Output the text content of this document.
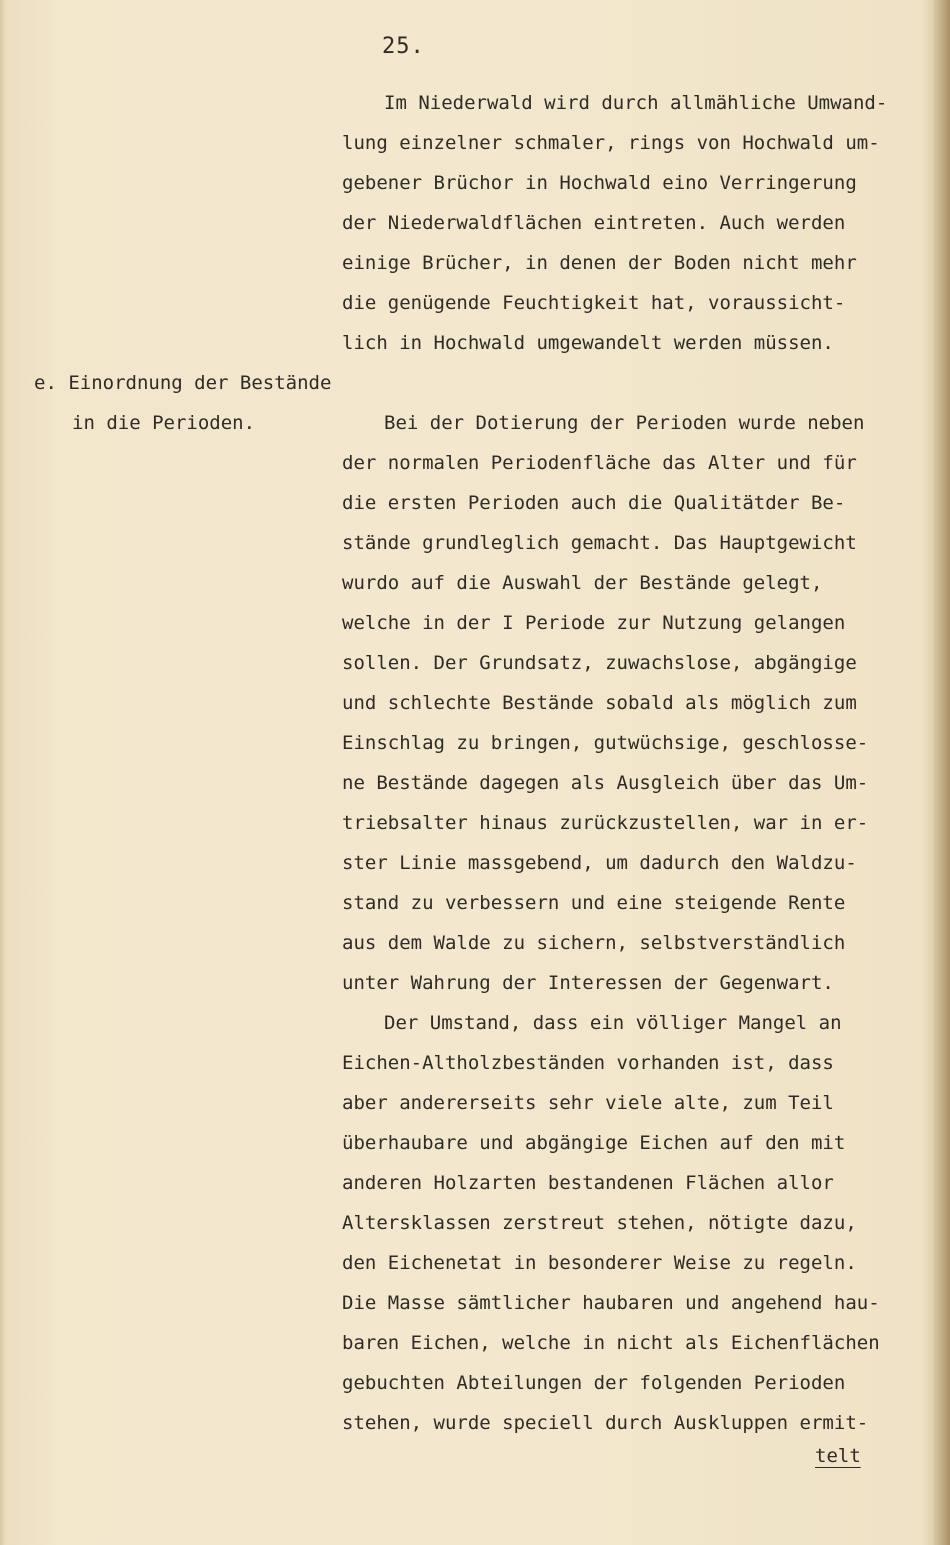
25.
Im Niederwald wird durch allmähliche Umwand-
lung einzelner schmaler, rings von Hochwald um-
gebener Brüchor in Hochwald eino Verringerung
der Niederwaldflächen eintreten. Auch werden
einige Brücher, in denen der Boden nicht mehr
die genügende Feuchtigkeit hat, voraussicht-
lich in Hochwald umgewandelt werden müssen.
e. Einordnung der Bestände
in die Perioden.	Bei der Dotierung der Perioden wurde neben
der normalen Periodenfläche das Alter und für
die ersten Perioden auch die Qualitätder Be-
stände grundleglich gemacht. Das Hauptgewicht
wurdo auf die Auswahl der Bestände gelegt,
welche in der I Periode zur Nutzung gelangen
sollen. Der Grundsatz, zuwachslose, abgängige
und schlechte Bestände sobald als möglich zum
Einschlag zu bringen, gutwüchsige, geschlosse-
ne Bestände dagegen als Ausgleich über das Um-
triebsalter hinaus zurückzustellen, war in er-
ster Linie massgebend, um dadurch den Waldzu-
stand zu verbessern und eine steigende Rente
aus dem Walde zu sichern, selbstverständlich
unter Wahrung der Interessen der Gegenwart.
Der Umstand, dass ein völliger Mangel an
Eichen-Altholzbeständen vorhanden ist, dass
aber andererseits sehr viele alte, zum Teil
überhaubare und abgängige Eichen auf den mit
anderen Holzarten bestandenen Flächen allor
Altersklassen zerstreut stehen, nötigte dazu,
den Eichenetat in besonderer Weise zu regeln.
Die Masse sämtlicher haubaren und angehend hau-
baren Eichen, welche in nicht als Eichenflächen
gebuchten Abteilungen der folgenden Perioden
stehen, wurde speciell durch Auskluppen ermit-
telt
